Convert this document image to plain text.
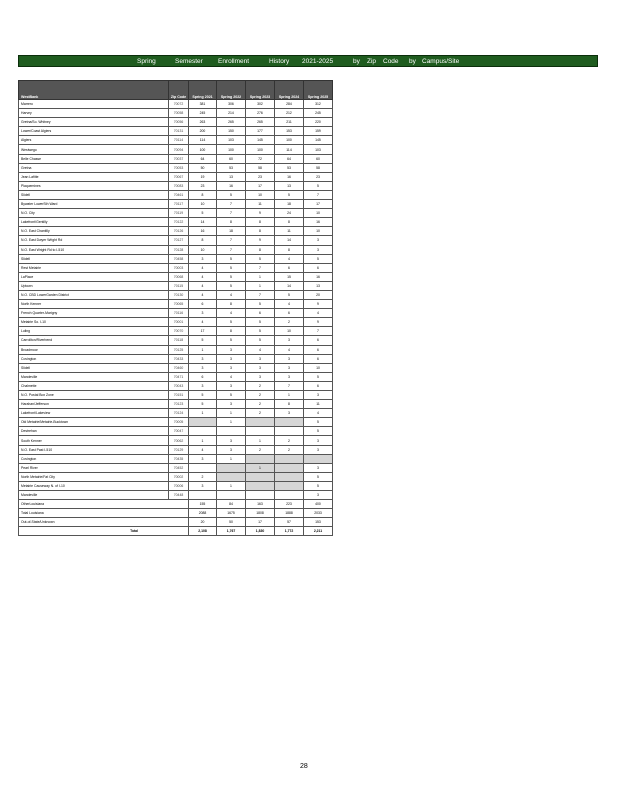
Spring	Semester Enrollment	History 2021-2025	by Zip Code by Campus/Site
WestBank	Zip Code	Spring 2021	Spring 2022	Spring 2023	Spring 2024	Spring 2025
Marrero	70072	381	306	302	284	312
Harvey	70058	245	214	276	212	245
Gretna/So. Whitney	70056	263	265	265	211	220
Lower/Coast Algiers	70131	200	150	177	153	159
Algiers	70114	114	103	145	100	145
Westwego	70094	100	100	100	114	103
Belle Chasse	70037	64	60	72	64	60
Gretna	70053	50	53	58	53	58
Jean Lafitte	70067	19	13	23	16	23
Plaquemines	70083	23	16	17	13	5
Slidell	70461	8	5	10	5	7
Bywater LowerSth Ward	70117	10	7	11	18	17
N.O. City	70119	5	7	9	24	10
Lakefront/Gentilly	70122	14	8	8	8	16
N.O. East Chantilly	70126	16	18	8	11	10
N.O. East Dwyer Wright Rd	70127	8	7	9	14	3
N.O. East Wright Rd to I-510	70128	10	7	8	8	3
Slidell	70458	3	5	5	4	5
Rest Metairie	70003	4	5	7	6	6
LaPlace	70068	4	5	1	15	16
Uptown	70115	4	5	1	14	13
N.O. CBD LowerGarden District	70130	4	4	7	5	20
North Kenner	70065	6	8	5	4	9
French Quarter-Marigny	70116	3	4	6	6	4
Metairie So. I-10	70001	4	5	5	2	9
Luling	70070	17	8	5	10	7
Carrollton/Riverbend	70118	5	5	5	3	6
Broadmoor	70125	1	3	4	4	6
Covington	70433	3	3	3	3	6
Slidell	70460	3	3	3	3	10
Mandeville	70471	6	4	3	3	5
Chalmette	70043	3	3	2	7	6
N.O. Postal Box Zone	70151	5	5	2	1	3
Harahan/Jefferson	70123	5	3	2	8	11
Lakefront/Lakeview	70124	1	1	2	3	4
Old Metairie/Metairie-Bucktown	70005		1			5
Destrehan	70047					5
South Kenner	70062	1	3	1	2	3
N.O. East Past I-510	70129	4	3	2	2	3
Covington	70435	3	1			
Pearl River	70452			1		3
North Metairie/Fat City	70002	2				5
Metairie Causeway N. of I-10	70006	3	1			5
Mandeville	70448					3
OtherLouisiana		155	84	163	223	400
Total Louisiana		2088	1675	1808	1888	2033
Out-of-State/Unknown		20	50	17	57	153
Total		2,108	1,767	1,830	1,772	2,211
28
